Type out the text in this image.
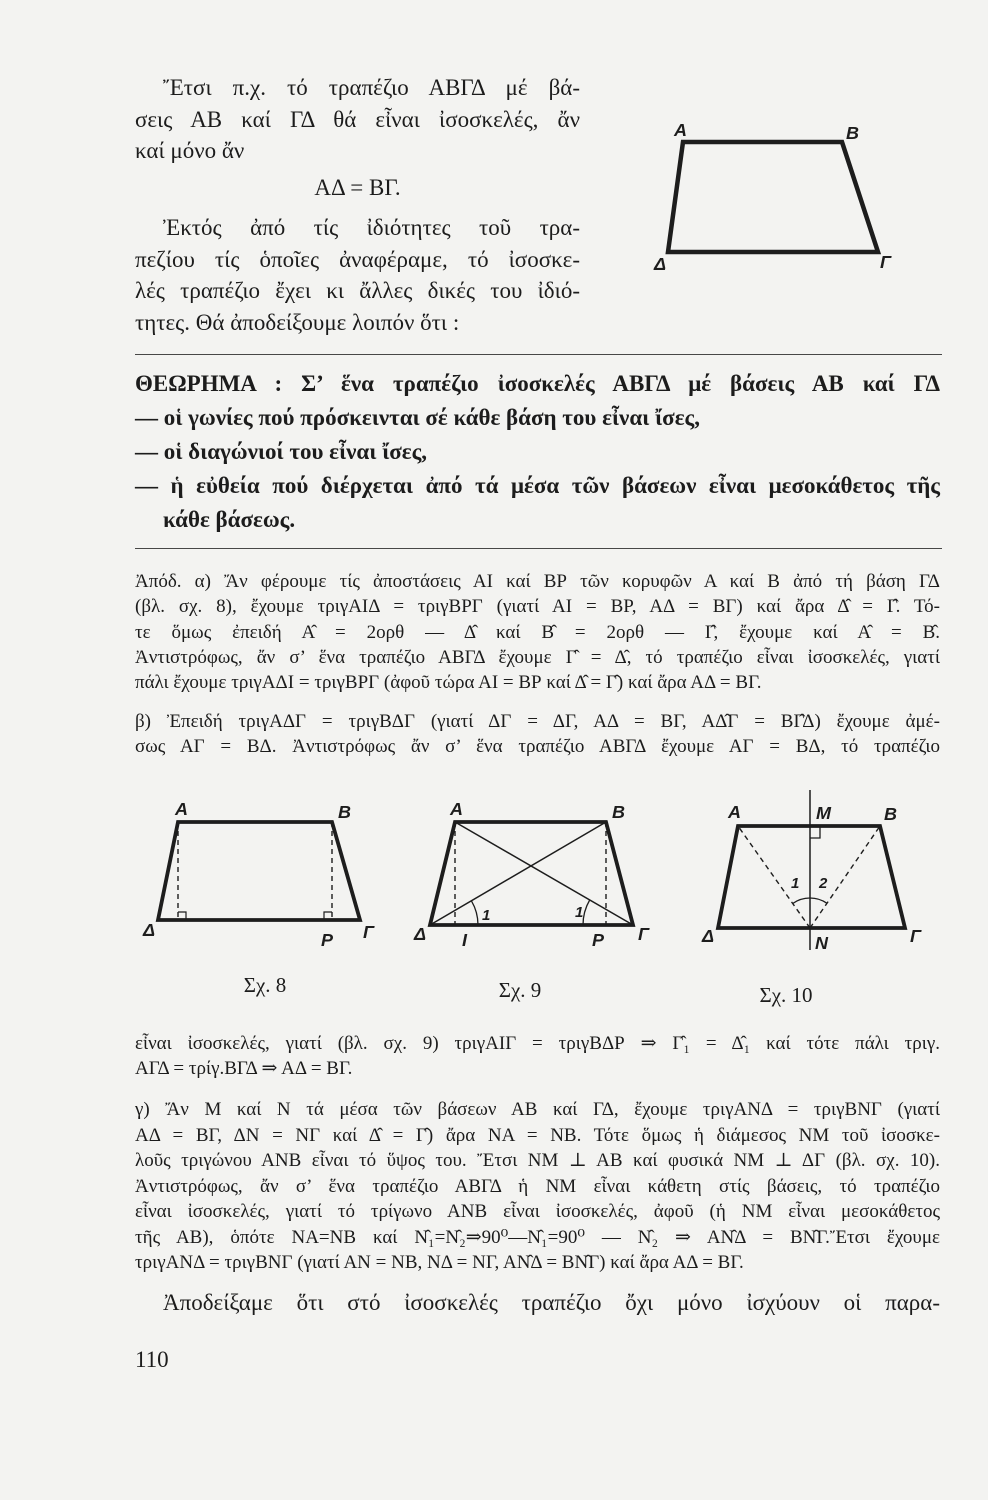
Ἔτσι π.χ. τό τραπέζιο ΑΒΓΔ μέ βά-
σεις ΑΒ καί ΓΔ θά εἶναι ἰσοσκελές, ἄν
καί μόνο ἄν
ΑΔ = ΒΓ.
Ἐκτός ἀπό τίς ἰδιότητες τοῦ τρα-
πεζίου τίς ὁποῖες ἀναφέραμε, τό ἰσοσκε-
λές τραπέζιο ἔχει κι ἄλλες δικές του ἰδιό-
τητες. Θά ἀποδείξουμε λοιπόν ὅτι :
Α	Β
Δ	Γ
ΘΕΩΡΗΜΑ : Σ’ ἕνα τραπέζιο ἰσοσκελές ΑΒΓΔ μέ βάσεις ΑΒ καί ΓΔ
— οἱ γωνίες πού πρόσκεινται σέ κάθε βάση του εἶναι ἴσες,
— οἱ διαγώνιοί του εἶναι ἴσες,
— ἡ εὐθεία πού διέρχεται ἀπό τά μέσα τῶν βάσεων εἶναι μεσοκάθετος τῆς
κάθε βάσεως.
Ἀπόδ. α) Ἄν φέρουμε τίς ἀποστάσεις ΑΙ καί ΒΡ τῶν κορυφῶν Α καί Β ἀπό τή βάση ΓΔ
(βλ. σχ. 8), ἔχουμε τριγΑΙΔ = τριγΒΡΓ (γιατί ΑΙ = ΒΡ, ΑΔ = ΒΓ) καί ἄρα Δ̂ = Γ̂. Τό-
τε ὅμως ἐπειδή Α̂ = 2ορθ — Δ̂ καί Β̂ = 2ορθ — Γ̂, ἔχουμε καί Α̂ = Β̂.
Ἀντιστρόφως, ἄν σ’ ἕνα τραπέζιο ΑΒΓΔ ἔχουμε Γ̂ = Δ̂, τό τραπέζιο εἶναι ἰσοσκελές, γιατί
πάλι ἔχουμε τριγΑΔΙ = τριγΒΡΓ (ἀφοῦ τώρα ΑΙ = ΒΡ καί Δ̂ = Γ̂) καί ἄρα ΑΔ = ΒΓ.
β) Ἐπειδή τριγΑΔΓ = τριγΒΔΓ (γιατί ΔΓ = ΔΓ, ΑΔ = ΒΓ, ΑΔ̂Γ = ΒΓ̂Δ) ἔχουμε ἀμέ-
σως ΑΓ = ΒΔ. Ἀντιστρόφως ἄν σ’ ἕνα τραπέζιο ΑΒΓΔ ἔχουμε ΑΓ = ΒΔ, τό τραπέζιο
Α	Β
Δ	Ρ Γ
Σχ. 8
Α	Β
Δ Ι	Ρ Γ
1	1
Σχ. 9
Α	Μ	Β
Δ	Ν	Γ
1 2
Σχ. 10
εἶναι ἰσοσκελές, γιατί (βλ. σχ. 9) τριγΑΙΓ = τριγΒΔΡ ⇒ Γ̂₁ = Δ̂₁ καί τότε πάλι τριγ.
ΑΓΔ = τρίγ.ΒΓΔ ⇒ ΑΔ = ΒΓ.
γ) Ἄν Μ καί Ν τά μέσα τῶν βάσεων ΑΒ καί ΓΔ, ἔχουμε τριγΑΝΔ = τριγΒΝΓ (γιατί
ΑΔ = ΒΓ, ΔΝ = ΝΓ καί Δ̂ = Γ̂) ἄρα ΝΑ = ΝΒ. Τότε ὅμως ἡ διάμεσος ΝΜ τοῦ ἰσοσκε-
λοῦς τριγώνου ΑΝΒ εἶναι τό ὕψος του. Ἔτσι ΝΜ ⊥ ΑΒ καί φυσικά ΝΜ ⊥ ΔΓ (βλ. σχ. 10).
Ἀντιστρόφως, ἄν σ’ ἕνα τραπέζιο ΑΒΓΔ ἡ ΝΜ εἶναι κάθετη στίς βάσεις, τό τραπέζιο
εἶναι ἰσοσκελές, γιατί τό τρίγωνο ΑΝΒ εἶναι ἰσοσκελές, ἀφοῦ (ἡ ΝΜ εἶναι μεσοκάθετος
τῆς ΑΒ), ὁπότε ΝΑ=ΝΒ καί Ν̂₁=Ν̂₂⇒90⁰—Ν̂₁=90⁰ — Ν̂₂ ⇒ ΑΝ̂Δ = ΒΝ̂Γ.Ἔτσι ἔχουμε
τριγΑΝΔ = τριγΒΝΓ (γιατί ΑΝ = ΝΒ, ΝΔ = ΝΓ, ΑΝ̂Δ = ΒΝ̂Γ) καί ἄρα ΑΔ = ΒΓ.
Ἀποδείξαμε ὅτι στό ἰσοσκελές τραπέζιο ὄχι μόνο ἰσχύουν οἱ παρα-
110
